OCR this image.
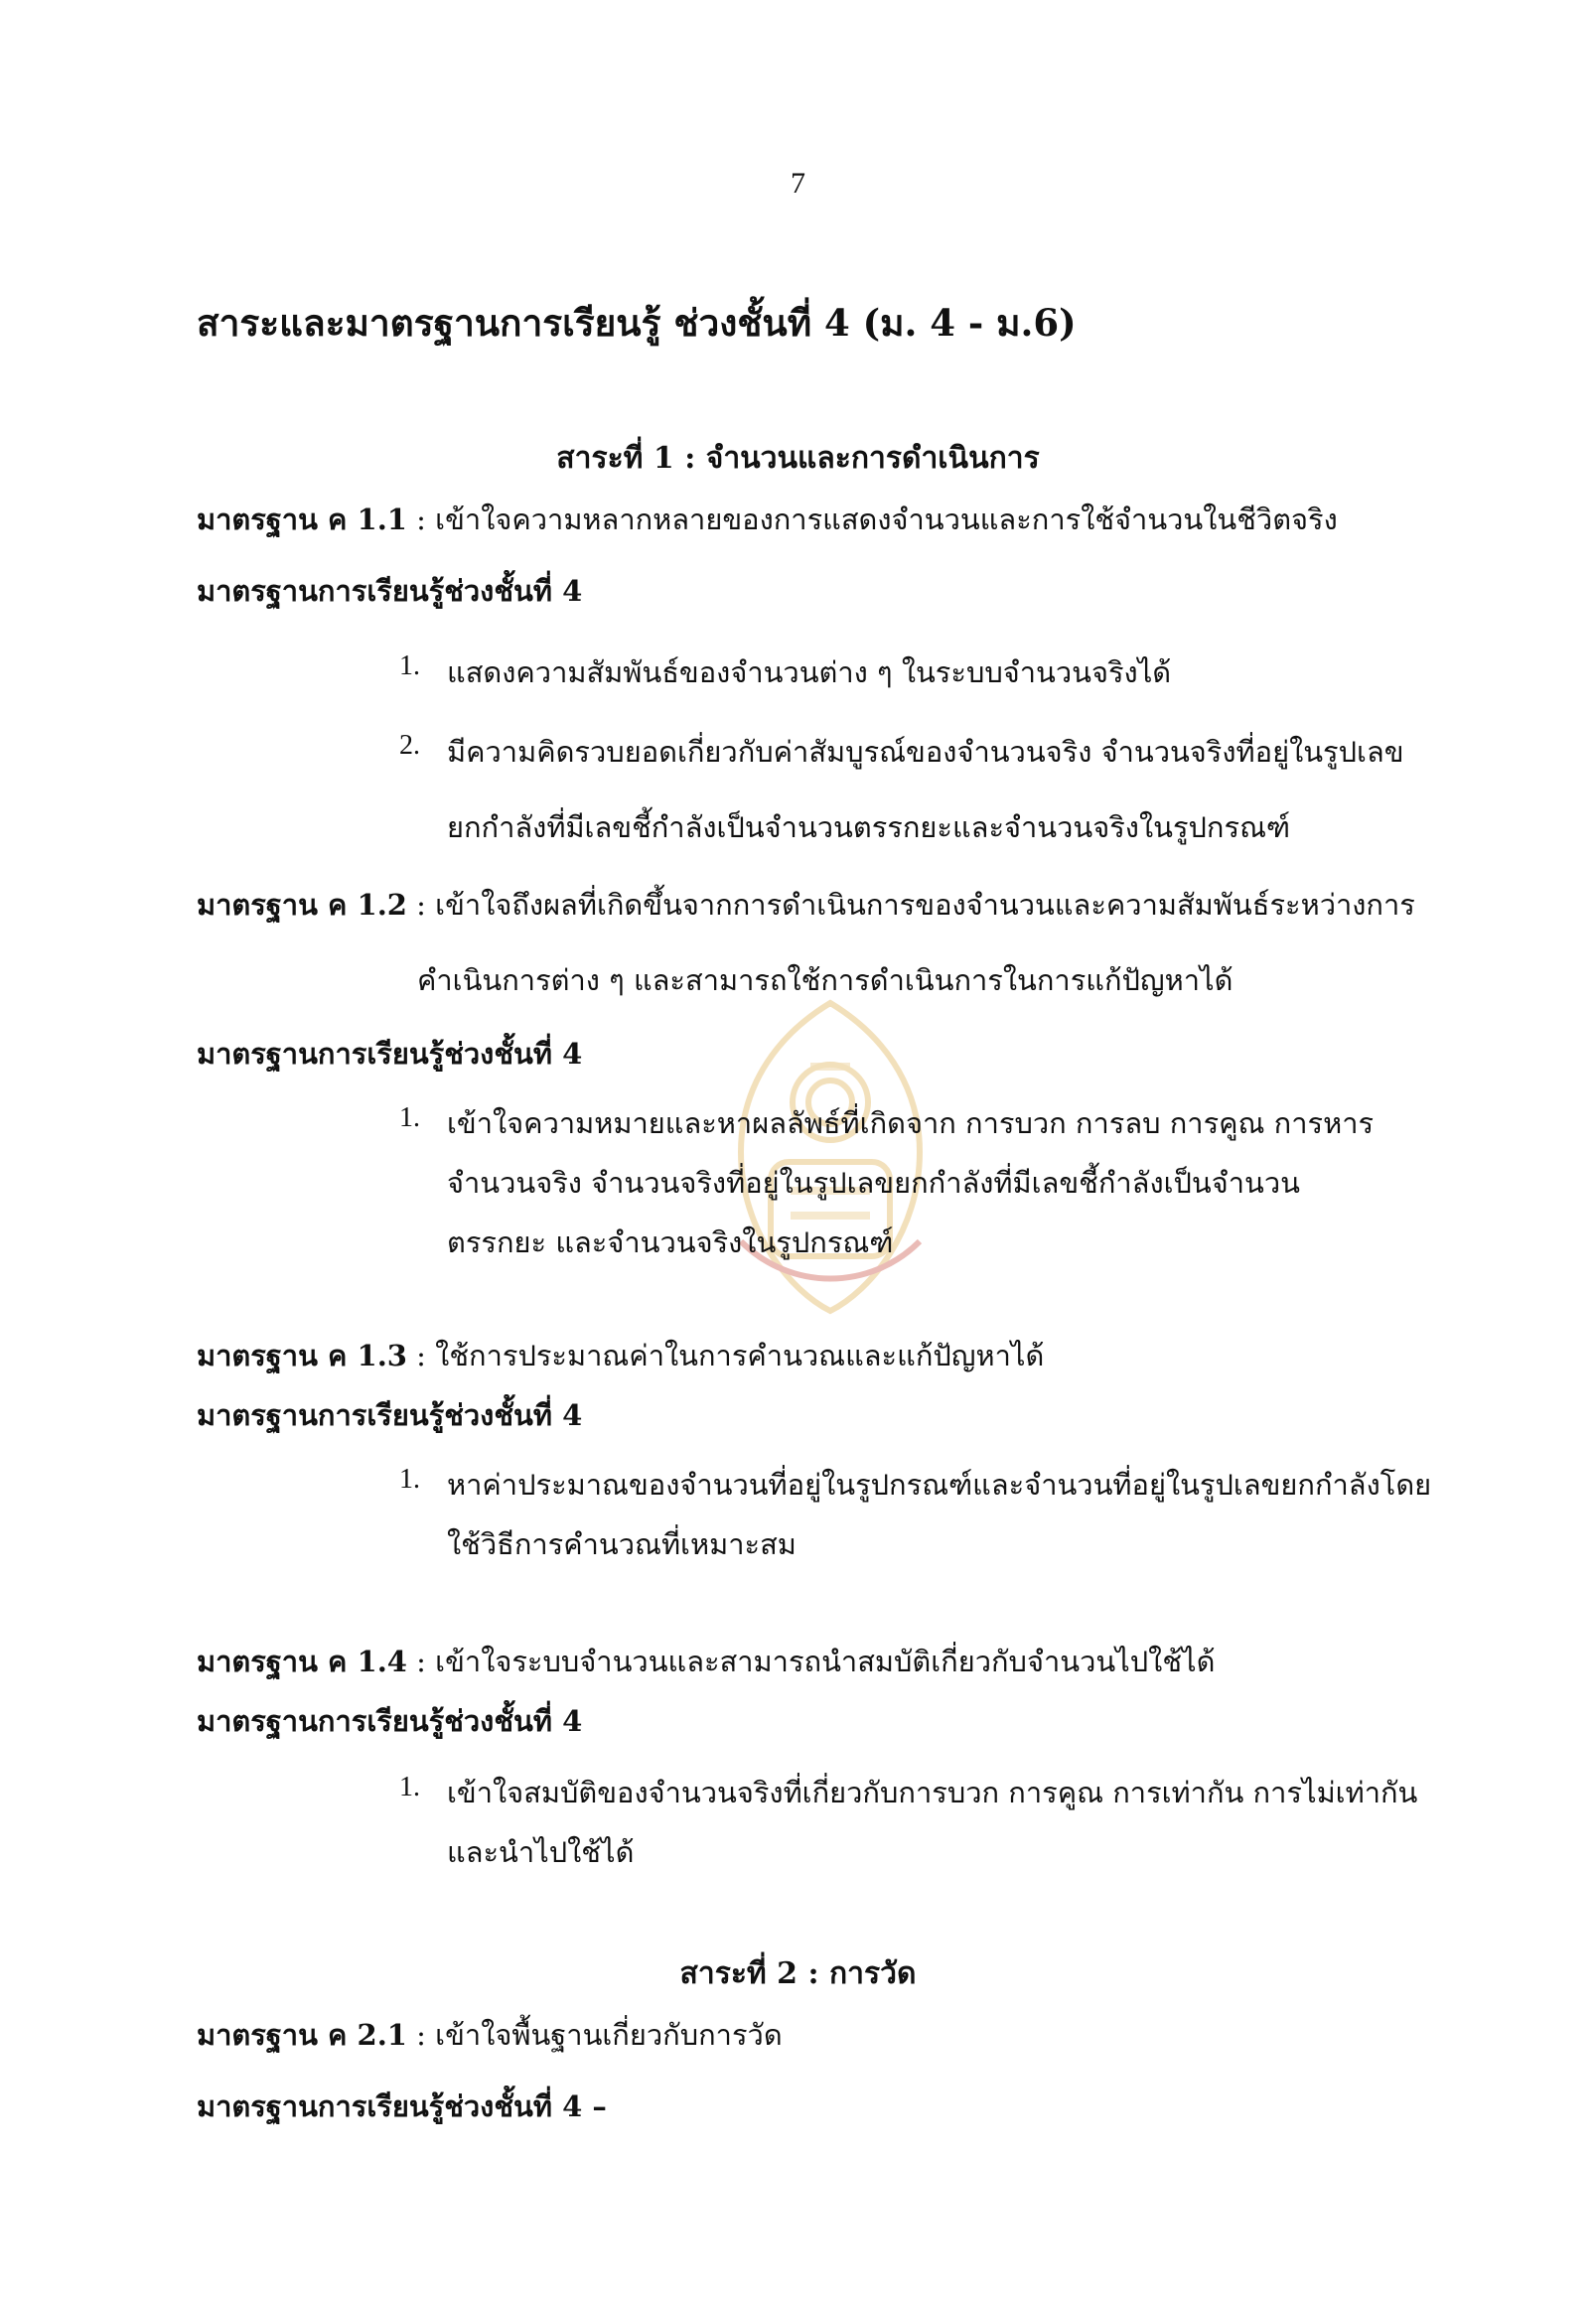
7
สาระและมาตรฐานการเรียนรู้ ช่วงชั้นที่ 4 (ม. 4 - ม.6)
สาระที่ 1 : จำนวนและการดำเนินการ
มาตรฐาน ค 1.1 : เข้าใจความหลากหลายของการแสดงจำนวนและการใช้จำนวนในชีวิตจริง
มาตรฐานการเรียนรู้ช่วงชั้นที่ 4
1. แสดงความสัมพันธ์ของจำนวนต่าง ๆ ในระบบจำนวนจริงได้
2. มีความคิดรวบยอดเกี่ยวกับค่าสัมบูรณ์ของจำนวนจริง จำนวนจริงที่อยู่ในรูปเลข
ยกกำลังที่มีเลขชี้กำลังเป็นจำนวนตรรกยะและจำนวนจริงในรูปกรณฑ์
มาตรฐาน ค 1.2 : เข้าใจถึงผลที่เกิดขึ้นจากการดำเนินการของจำนวนและความสัมพันธ์ระหว่างการ
คำเนินการต่าง ๆ และสามารถใช้การดำเนินการในการแก้ปัญหาได้
มาตรฐานการเรียนรู้ช่วงชั้นที่ 4
1. เข้าใจความหมายและหาผลลัพธ์ที่เกิดจาก การบวก การลบ การคูณ การหาร
จำนวนจริง จำนวนจริงที่อยู่ในรูปเลขยกกำลังที่มีเลขชี้กำลังเป็นจำนวน
ตรรกยะ และจำนวนจริงในรูปกรณฑ์
มาตรฐาน ค 1.3 : ใช้การประมาณค่าในการคำนวณและแก้ปัญหาได้
มาตรฐานการเรียนรู้ช่วงชั้นที่ 4
1. หาค่าประมาณของจำนวนที่อยู่ในรูปกรณฑ์และจำนวนที่อยู่ในรูปเลขยกกำลังโดย
ใช้วิธีการคำนวณที่เหมาะสม
มาตรฐาน ค 1.4 : เข้าใจระบบจำนวนและสามารถนำสมบัติเกี่ยวกับจำนวนไปใช้ได้
มาตรฐานการเรียนรู้ช่วงชั้นที่ 4
1. เข้าใจสมบัติของจำนวนจริงที่เกี่ยวกับการบวก การคูณ การเท่ากัน การไม่เท่ากัน
และนำไปใช้ได้
สาระที่ 2 : การวัด
มาตรฐาน ค 2.1 : เข้าใจพื้นฐานเกี่ยวกับการวัด
มาตรฐานการเรียนรู้ช่วงชั้นที่ 4 –
